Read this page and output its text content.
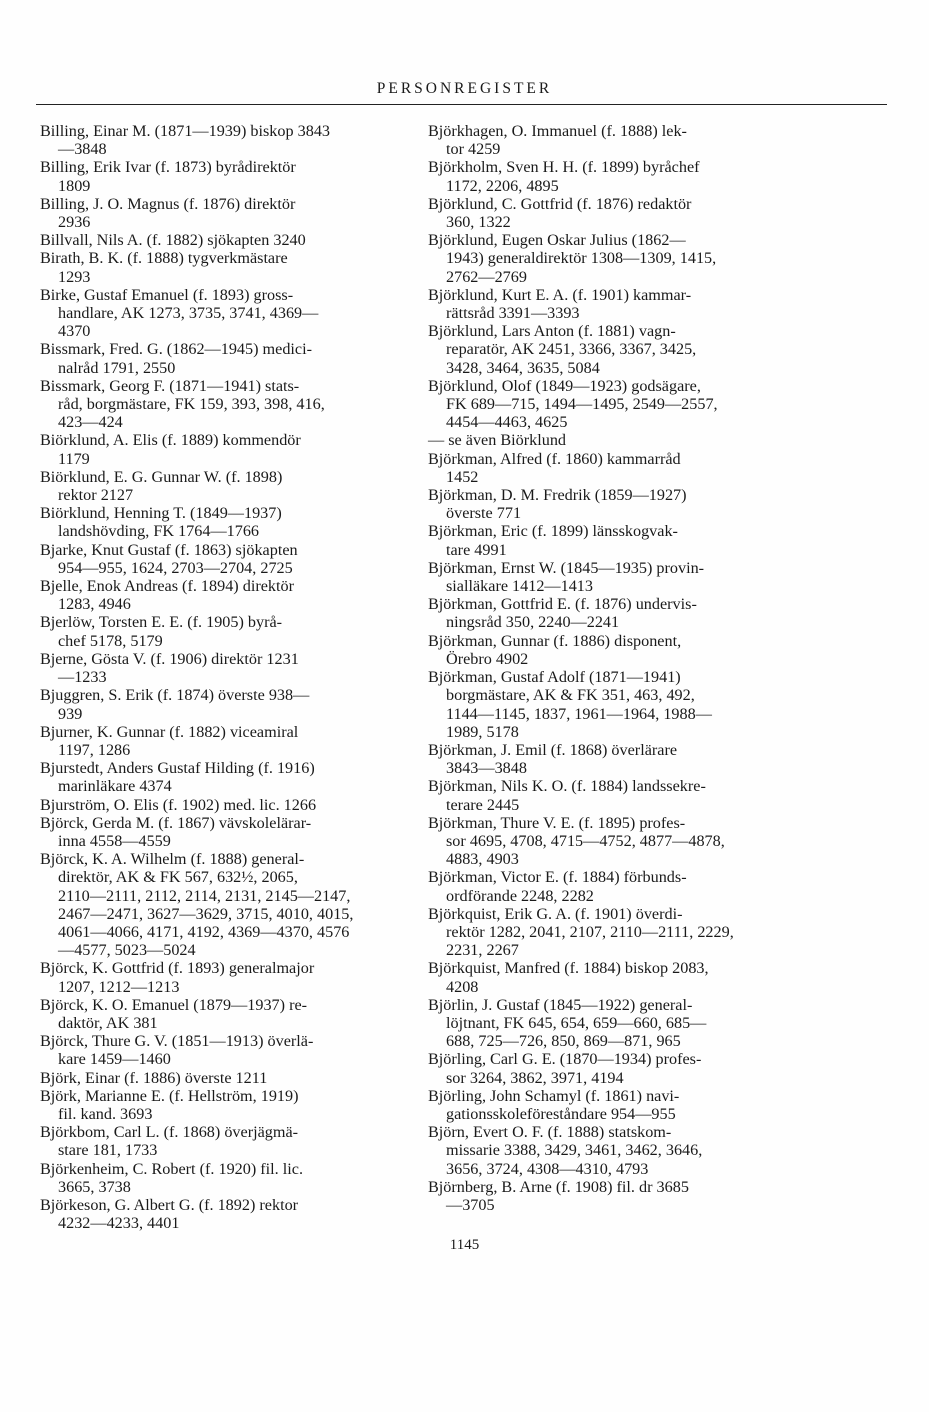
PERSONREGISTER

Billing, Einar M. (1871—1939) biskop 3843
—3848

Billing, Erik Ivar (f. 1873) byrådirektör
1809

Billing, J. O. Magnus (f. 1876) direktör
2936

Billvall, Nils A. (f. 1882) sjökapten 3240

Birath, B. K. (f. 1888) tygverkmästare
1293

Birke, Gustaf Emanuel (f. 1893) gross-
handlare, AK 1273, 3735, 3741, 4369—
4370

Bissmark, Fred. G. (1862—1945) medici-
nalråd 1791, 2550

Bissmark, Georg F. (1871—1941) stats-
råd, borgmästare, FK 159, 393, 398, 416,
423—424

Biörklund, A. Elis (f. 1889) kommendör
1179

Biörklund, E. G. Gunnar W. (f. 1898)
rektor 2127

Biörklund, Henning T. (1849—1937)
landshövding, FK 1764—1766

Bjarke, Knut Gustaf (f. 1863) sjökapten
954—955, 1624, 2703—2704, 2725

Bjelle, Enok Andreas (f. 1894) direktör
1283, 4946

Bjerlöw, Torsten E. E. (f. 1905) byrå-
chef 5178, 5179

Bjerne, Gösta V. (f. 1906) direktör 1231
—1233

Bjuggren, S. Erik (f. 1874) överste 938—
939

Bjurner, K. Gunnar (f. 1882) viceamiral
1197, 1286

Bjurstedt, Anders Gustaf Hilding (f. 1916)
marinläkare 4374

Bjurström, O. Elis (f. 1902) med. lic. 1266

Björck, Gerda M. (f. 1867) vävskolelärar-
inna 4558—4559

Björck, K. A. Wilhelm (f. 1888) general-
direktör, AK & FK 567, 632½, 2065,
2110—2111, 2112, 2114, 2131, 2145—2147,
2467—2471, 3627—3629, 3715, 4010, 4015,
4061—4066, 4171, 4192, 4369—4370, 4576
—4577, 5023—5024

Björck, K. Gottfrid (f. 1893) generalmajor
1207, 1212—1213

Björck, K. O. Emanuel (1879—1937) re-
daktör, AK 381

Björck, Thure G. V. (1851—1913) överlä-
kare 1459—1460

Björk, Einar (f. 1886) överste 1211

Björk, Marianne E. (f. Hellström, 1919)
fil. kand. 3693

Björkbom, Carl L. (f. 1868) överjägmä-
stare 181, 1733

Björkenheim, C. Robert (f. 1920) fil. lic.
3665, 3738

Björkeson, G. Albert G. (f. 1892) rektor
4232—4233, 4401

Björkhagen, O. Immanuel (f. 1888) lek-
tor 4259

Björkholm, Sven H. H. (f. 1899) byråchef
1172, 2206, 4895

Björklund, C. Gottfrid (f. 1876) redaktör
360, 1322

Björklund, Eugen Oskar Julius (1862—
1943) generaldirektör 1308—1309, 1415,
2762—2769

Björklund, Kurt E. A. (f. 1901) kammar-
rättsråd 3391—3393

Björklund, Lars Anton (f. 1881) vagn-
reparatör, AK 2451, 3366, 3367, 3425,
3428, 3464, 3635, 5084

Björklund, Olof (1849—1923) godsägare,
FK 689—715, 1494—1495, 2549—2557,
4454—4463, 4625

— se även Biörklund

Björkman, Alfred (f. 1860) kammarråd
1452

Björkman, D. M. Fredrik (1859—1927)
överste 771

Björkman, Eric (f. 1899) länsskogvak-
tare 4991

Björkman, Ernst W. (1845—1935) provin-
sialläkare 1412—1413

Björkman, Gottfrid E. (f. 1876) undervis-
ningsråd 350, 2240—2241

Björkman, Gunnar (f. 1886) disponent,
Örebro 4902

Björkman, Gustaf Adolf (1871—1941)
borgmästare, AK & FK 351, 463, 492,
1144—1145, 1837, 1961—1964, 1988—
1989, 5178

Björkman, J. Emil (f. 1868) överlärare
3843—3848

Björkman, Nils K. O. (f. 1884) landssekre-
terare 2445

Björkman, Thure V. E. (f. 1895) profes-
sor 4695, 4708, 4715—4752, 4877—4878,
4883, 4903

Björkman, Victor E. (f. 1884) förbunds-
ordförande 2248, 2282

Björkquist, Erik G. A. (f. 1901) överdi-
rektör 1282, 2041, 2107, 2110—2111, 2229,
2231, 2267

Björkquist, Manfred (f. 1884) biskop 2083,
4208

Björlin, J. Gustaf (1845—1922) general-
löjtnant, FK 645, 654, 659—660, 685—
688, 725—726, 850, 869—871, 965

Björling, Carl G. E. (1870—1934) profes-
sor 3264, 3862, 3971, 4194

Björling, John Schamyl (f. 1861) navi-
gationsskoleföreståndare 954—955

Björn, Evert O. F. (f. 1888) statskom-
missarie 3388, 3429, 3461, 3462, 3646,
3656, 3724, 4308—4310, 4793

Björnberg, B. Arne (f. 1908) fil. dr 3685
—3705

1145
